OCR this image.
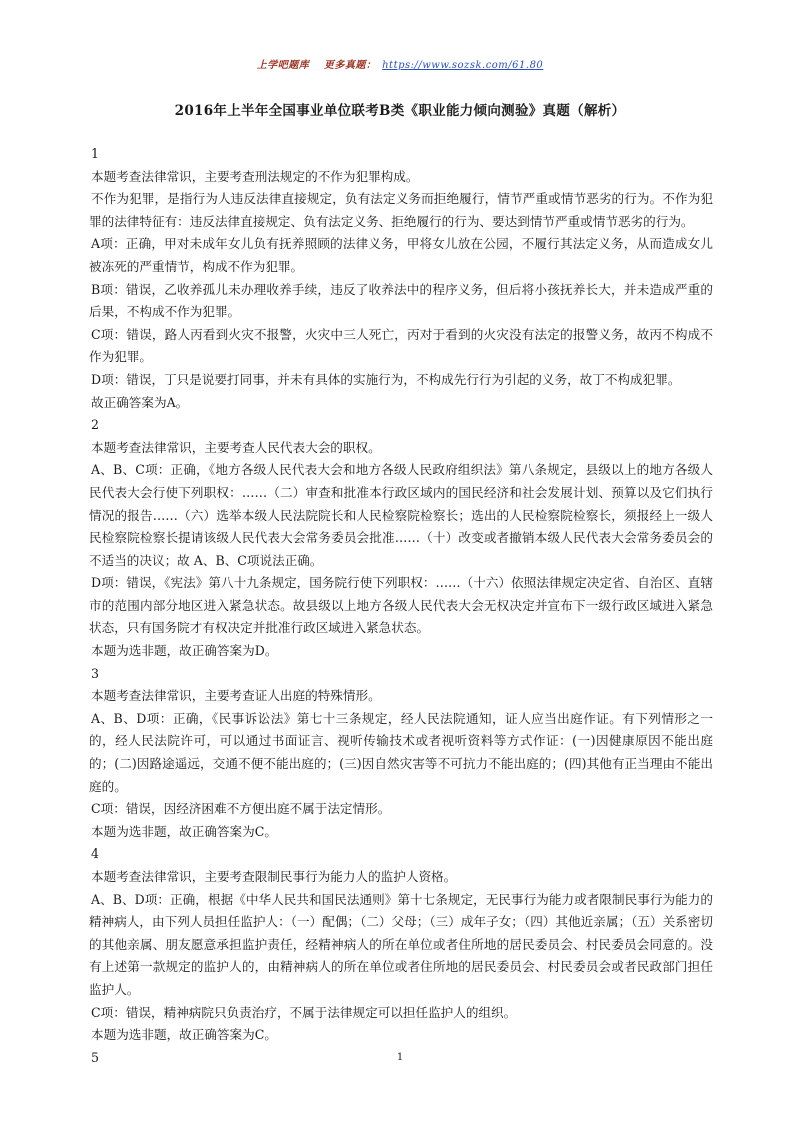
上学吧题库 更多真题： https://www.sozsk.com/61.80
2016年上半年全国事业单位联考B类《职业能力倾向测验》真题（解析）

1

本题考查法律常识，主要考查刑法规定的不作为犯罪构成。

不作为犯罪，是指行为人违反法律直接规定，负有法定义务而拒绝履行，情节严重或情节恶劣的行为。不作为犯罪的法律特征有：违反法律直接规定、负有法定义务、拒绝履行的行为、要达到情节严重或情节恶劣的行为。

A项：正确，甲对未成年女儿负有抚养照顾的法律义务，甲将女儿放在公园，不履行其法定义务，从而造成女儿被冻死的严重情节，构成不作为犯罪。

B项：错误，乙收养孤儿未办理收养手续，违反了收养法中的程序义务，但后将小孩抚养长大，并未造成严重的后果，不构成不作为犯罪。

C项：错误，路人丙看到火灾不报警，火灾中三人死亡，丙对于看到的火灾没有法定的报警义务，故丙不构成不作为犯罪。

D项：错误，丁只是说要打同事，并未有具体的实施行为，不构成先行行为引起的义务，故丁不构成犯罪。

故正确答案为A。

2

本题考查法律常识，主要考查人民代表大会的职权。

A、B、C项：正确，《地方各级人民代表大会和地方各级人民政府组织法》第八条规定，县级以上的地方各级人民代表大会行使下列职权：……（二）审查和批准本行政区域内的国民经济和社会发展计划、预算以及它们执行情况的报告……（六）选举本级人民法院院长和人民检察院检察长；选出的人民检察院检察长，须报经上一级人民检察院检察长提请该级人民代表大会常务委员会批准……（十）改变或者撤销本级人民代表大会常务委员会的不适当的决议；故 A、B、C项说法正确。

D项：错误，《宪法》第八十九条规定，国务院行使下列职权：……（十六）依照法律规定决定省、自治区、直辖市的范围内部分地区进入紧急状态。故县级以上地方各级人民代表大会无权决定并宣布下一级行政区域进入紧急状态，只有国务院才有权决定并批准行政区域进入紧急状态。

本题为选非题，故正确答案为D。

3

本题考查法律常识，主要考查证人出庭的特殊情形。

A、B、D项：正确，《民事诉讼法》第七十三条规定，经人民法院通知，证人应当出庭作证。有下列情形之一的，经人民法院许可，可以通过书面证言、视听传输技术或者视听资料等方式作证：(一)因健康原因不能出庭的；(二)因路途遥远，交通不便不能出庭的；(三)因自然灾害等不可抗力不能出庭的；(四)其他有正当理由不能出庭的。

C项：错误，因经济困难不方便出庭不属于法定情形。

本题为选非题，故正确答案为C。

4

本题考查法律常识，主要考查限制民事行为能力人的监护人资格。

A、B、D项：正确，根据《中华人民共和国民法通则》第十七条规定，无民事行为能力或者限制民事行为能力的精神病人，由下列人员担任监护人：（一）配偶；（二）父母；（三）成年子女；（四）其他近亲属；（五）关系密切的其他亲属、朋友愿意承担监护责任，经精神病人的所在单位或者住所地的居民委员会、村民委员会同意的。没有上述第一款规定的监护人的，由精神病人的所在单位或者住所地的居民委员会、村民委员会或者民政部门担任监护人。

C项：错误，精神病院只负责治疗，不属于法律规定可以担任监护人的组织。

本题为选非题，故正确答案为C。

5	1
